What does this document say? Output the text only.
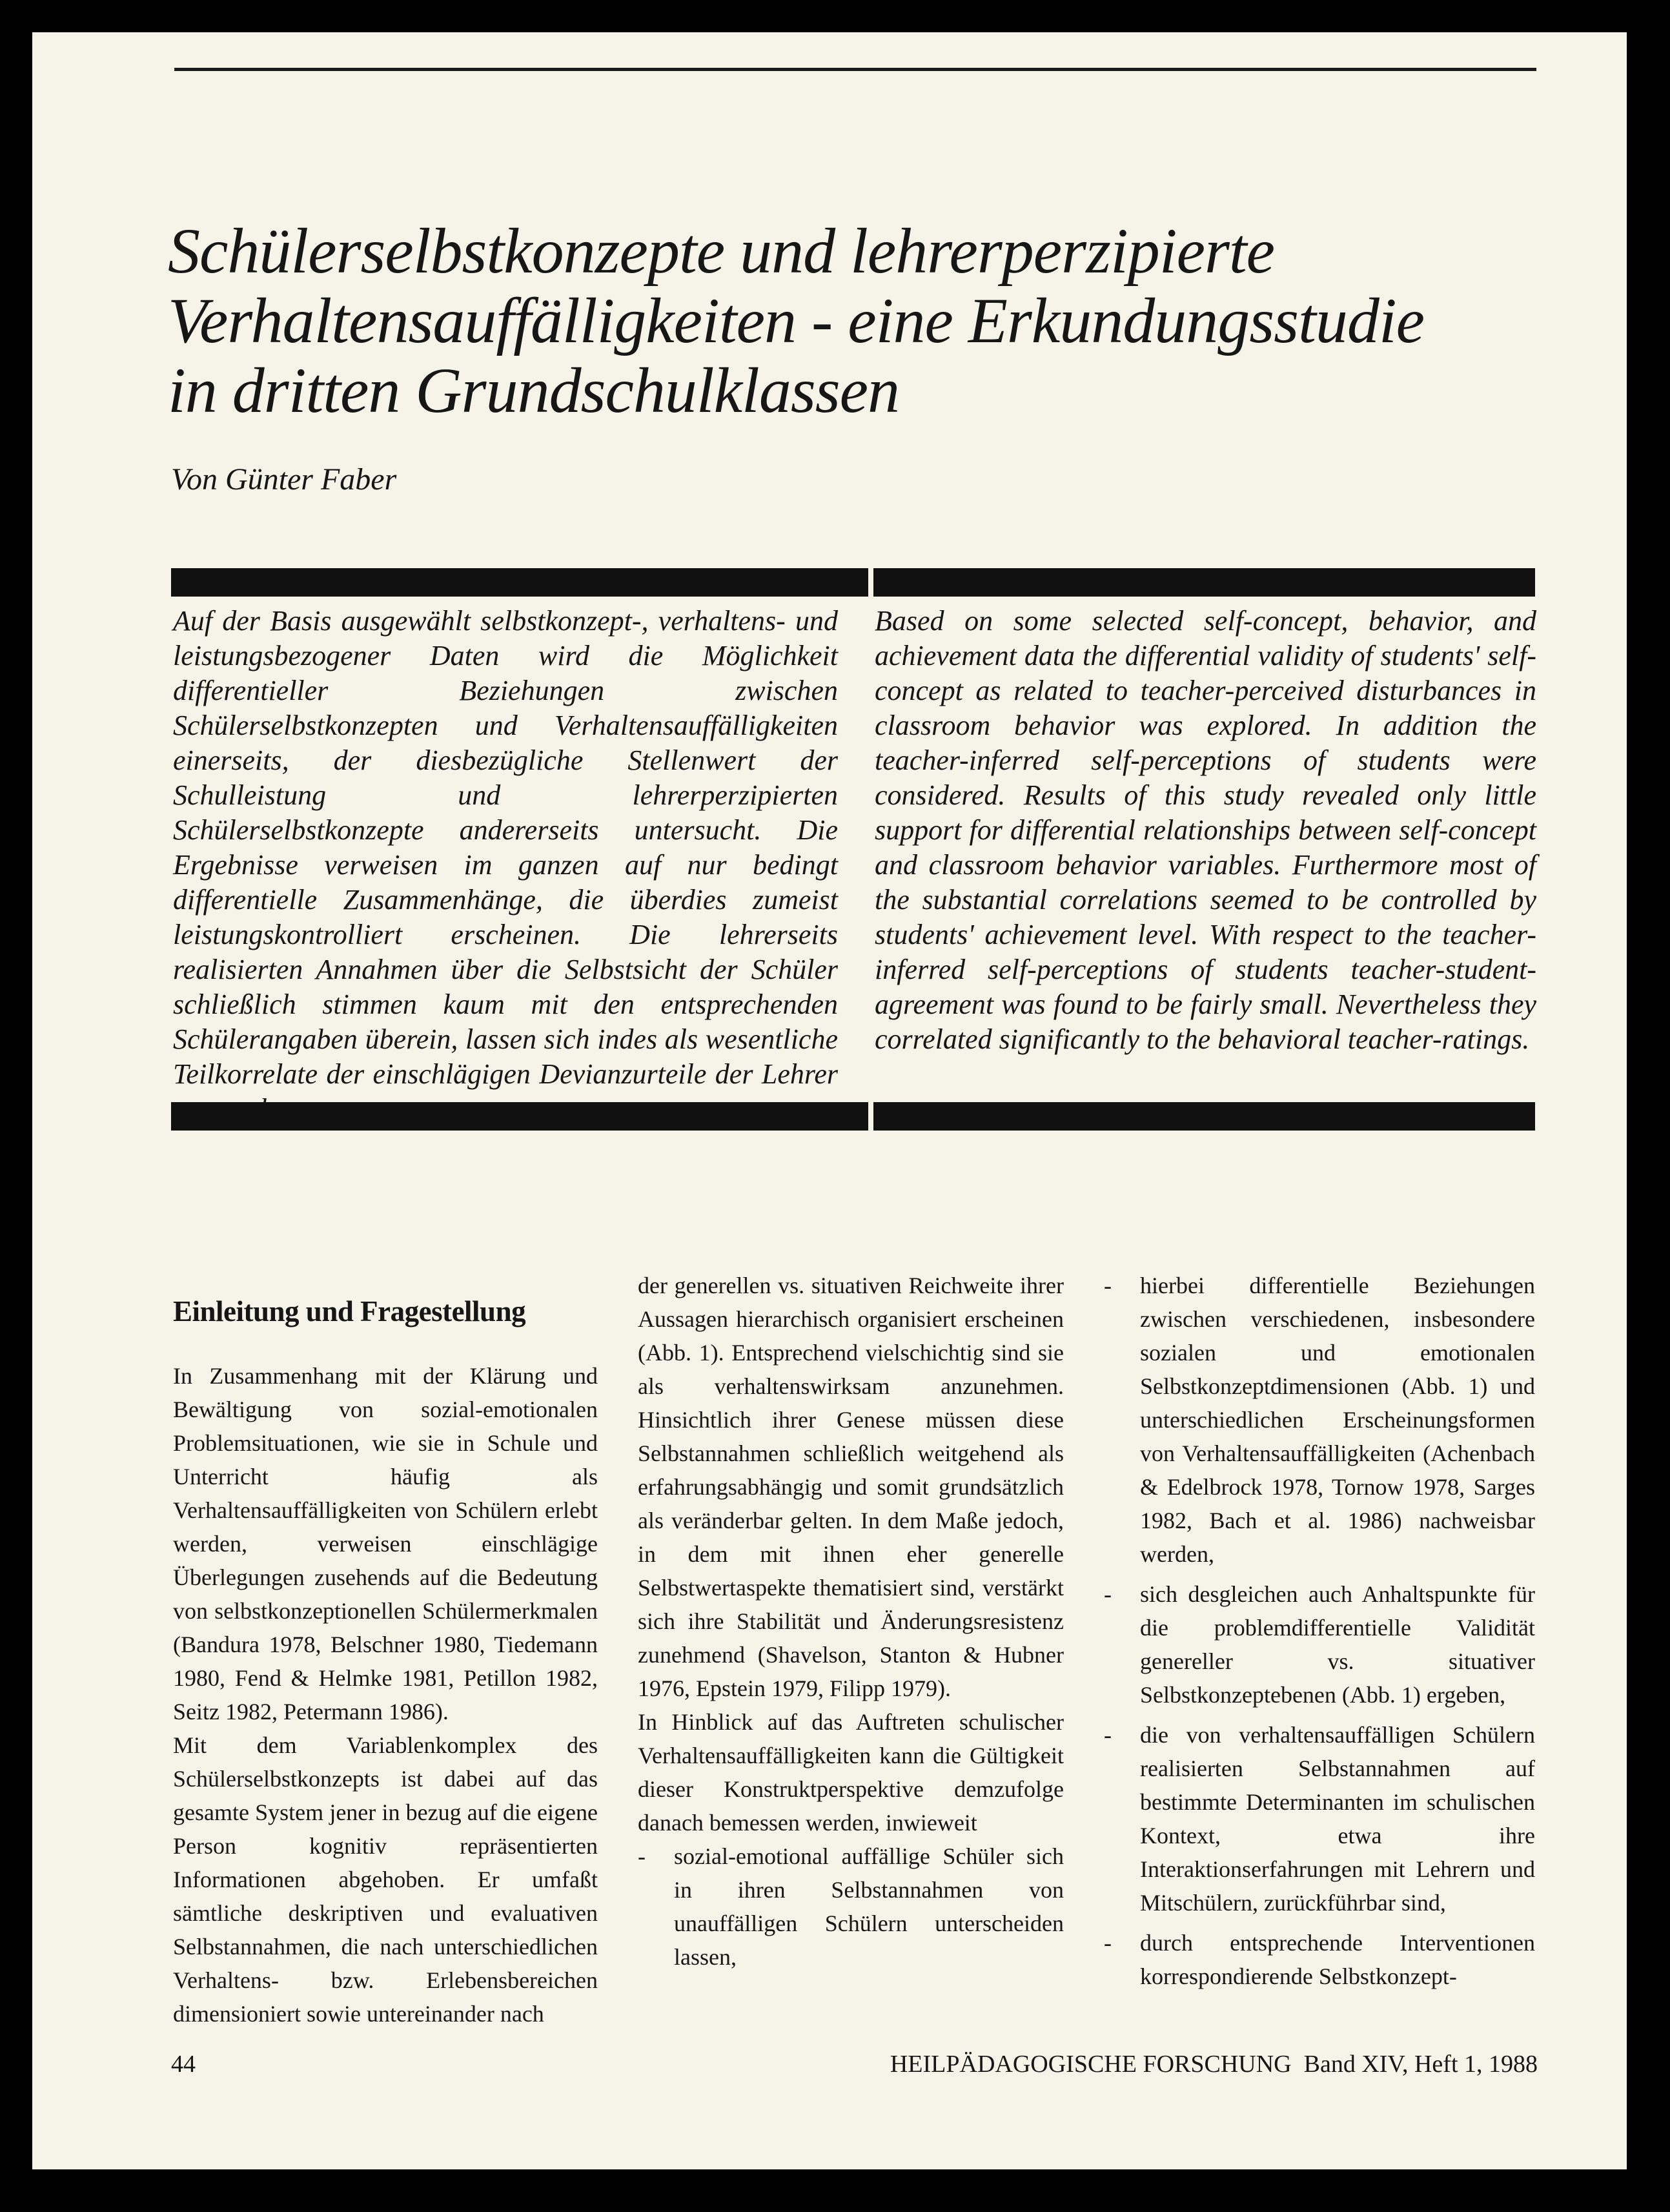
Schülerselbstkonzepte und lehrerperzipierte
Verhaltensauffälligkeiten - eine Erkundungsstudie
in dritten Grundschulklassen

Von Günter Faber

Auf der Basis ausgewählt selbstkonzept-, verhaltens- und leistungsbezogener Daten wird die Möglichkeit differentieller Beziehungen zwischen Schülerselbstkonzepten und Verhaltensauffälligkeiten einerseits, der diesbezügliche Stellenwert der Schulleistung und lehrerperzipierten Schülerselbstkonzepte andererseits untersucht. Die Ergebnisse verweisen im ganzen auf nur bedingt differentielle Zusammenhänge, die überdies zumeist leistungskontrolliert erscheinen. Die lehrerseits realisierten Annahmen über die Selbstsicht der Schüler schließlich stimmen kaum mit den entsprechenden Schülerangaben überein, lassen sich indes als wesentliche Teilkorrelate der einschlägigen Devianzurteile der Lehrer

Based on some selected self-concept, behavior, and achievement data the differential validity of students' self-concept as related to teacher-perceived disturbances in classroom behavior was explored. In addition the teacher-inferred self-perceptions of students were considered. Results of this study revealed only little support for differential relationships between self-concept and classroom behavior variables. Furthermore most of the substantial correlations seemed to be controlled by students' achievement level. With respect to the teacher-inferred self-perceptions of students teacher-student-agreement was found to be fairly small. Nevertheless they correlated significantly to the behavioral teacher-ratings.

Einleitung und Fragestellung

In Zusammenhang mit der Klärung und Bewältigung von sozial-emotionalen Problemsituationen, wie sie in Schule und Unterricht häufig als Verhaltensauffälligkeiten von Schülern erlebt werden, verweisen einschlägige Überlegungen zusehends auf die Bedeutung von selbstkonzeptionellen Schülermerkmalen (Bandura 1978, Belschner 1980, Tiedemann 1980, Fend & Helmke 1981, Petillon 1982, Seitz 1982, Petermann 1986).

Mit dem Variablenkomplex des Schülerselbstkonzepts ist dabei auf das gesamte System jener in bezug auf die eigene Person kognitiv repräsentierten Informationen abgehoben. Er umfaßt sämtliche deskriptiven und evaluativen Selbstannahmen, die nach unterschiedlichen Verhaltens- bzw. Erlebensbereichen dimensioniert sowie untereinander nach

der generellen vs. situativen Reichweite ihrer Aussagen hierarchisch organisiert erscheinen (Abb. 1). Entsprechend vielschichtig sind sie als verhaltenswirksam anzunehmen. Hinsichtlich ihrer Genese müssen diese Selbstannahmen schließlich weitgehend als erfahrungsabhängig und somit grundsätzlich als veränderbar gelten. In dem Maße jedoch, in dem mit ihnen eher generelle Selbstwertaspekte thematisiert sind, verstärkt sich ihre Stabilität und Änderungsresistenz zunehmend (Shavelson, Stanton & Hubner 1976, Epstein 1979, Filipp 1979).

In Hinblick auf das Auftreten schulischer Verhaltensauffälligkeiten kann die Gültigkeit dieser Konstruktperspektive demzufolge danach bemessen werden, inwieweit

-	sozial-emotional auffällige Schüler sich in ihren Selbstannahmen von unauffälligen Schülern unterscheiden lassen,
-	hierbei differentielle Beziehungen zwischen verschiedenen, insbesondere sozialen und emotionalen Selbstkonzeptdimensionen (Abb. 1) und unterschiedlichen Erscheinungsformen von Verhaltensauffälligkeiten (Achenbach & Edelbrock 1978, Tornow 1978, Sarges 1982, Bach et al. 1986) nachweisbar werden,
-	sich desgleichen auch Anhaltspunkte für die problemdifferentielle Validität genereller vs. situativer Selbstkonzeptebenen (Abb. 1) ergeben,
-	die von verhaltensauffälligen Schülern realisierten Selbstannahmen auf bestimmte Determinanten im schulischen Kontext, etwa ihre Interaktionserfahrungen mit Lehrern und Mitschülern, zurückführbar sind,
-	durch entsprechende Interventionen korrespondierende Selbstkonzept-
44	HEILPÄDAGOGISCHE FORSCHUNG  Band XIV, Heft 1, 1988
